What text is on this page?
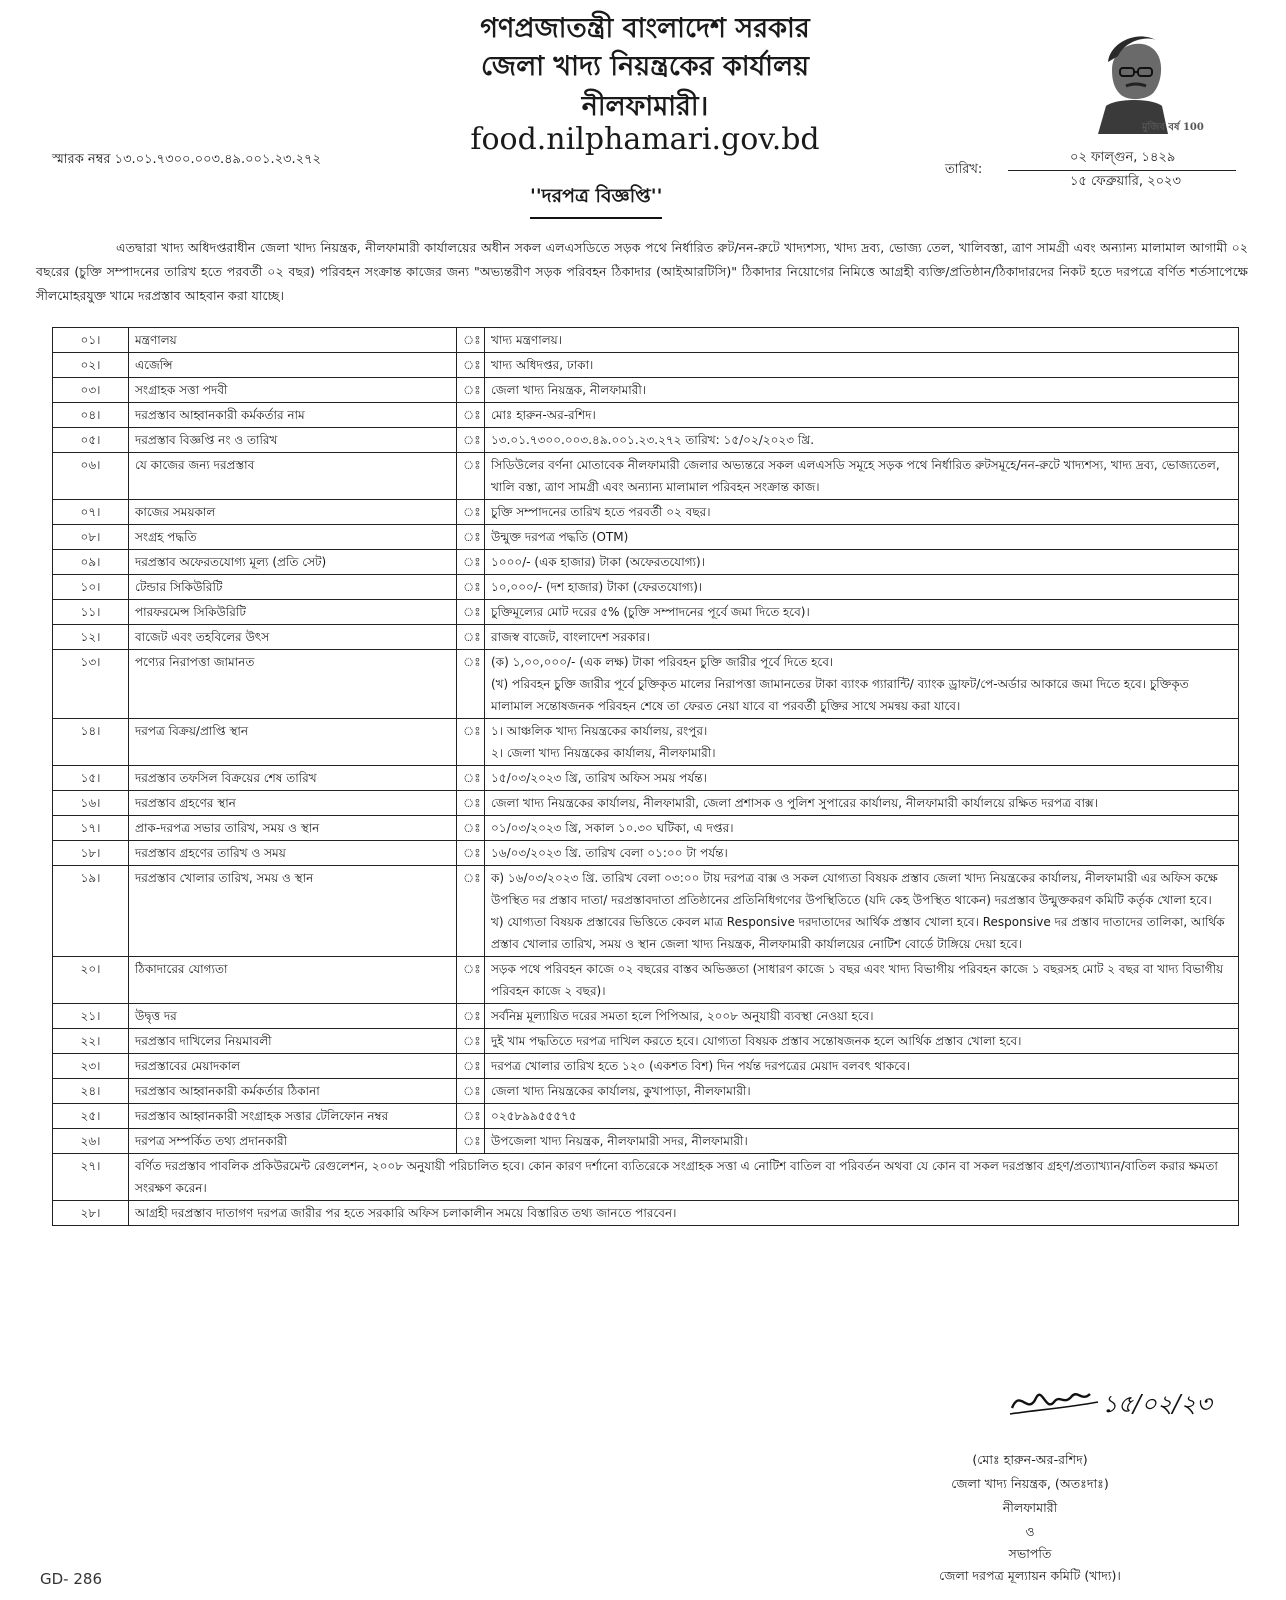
গণপ্রজাতন্ত্রী বাংলাদেশ সরকার
জেলা খাদ্য নিয়ন্ত্রকের কার্যালয়
নীলফামারী।
food.nilphamari.gov.bd	মুজিব বর্ষ 100
স্মারক নম্বর ১৩.০১.৭৩০০.০০৩.৪৯.০০১.২৩.২৭২
তারিখ:
০২ ফাল্গুন, ১৪২৯
১৫ ফেব্রুয়ারি, ২০২৩
''দরপত্র বিজ্ঞপ্তি''

এতদ্বারা খাদ্য অধিদপ্তরাধীন জেলা খাদ্য নিয়ন্ত্রক, নীলফামারী কার্যালয়ের অধীন সকল এলএসডিতে সড়ক পথে নির্ধারিত রুট/নন-রুটে খাদ্যশস্য, খাদ্য দ্রব্য, ভোজ্য তেল, খালিবস্তা, ত্রাণ সামগ্রী এবং অন্যান্য মালামাল আগামী ০২ বছরের (চুক্তি সম্পাদনের তারিখ হতে পরবর্তী ০২ বছর) পরিবহন সংক্রান্ত কাজের জন্য "অভ্যন্তরীণ সড়ক পরিবহন ঠিকাদার (আইআরটিসি)" ঠিকাদার নিয়োগের নিমিত্তে আগ্রহী ব্যক্তি/প্রতিষ্ঠান/ঠিকাদারদের নিকট হতে দরপত্রে বর্ণিত শর্তসাপেক্ষে সীলমোহরযুক্ত খামে দরপ্রস্তাব আহবান করা যাচ্ছে।

০১।	মন্ত্রণালয়	ঃ	খাদ্য মন্ত্রণালয়।
০২।	এজেন্সি	ঃ	খাদ্য অধিদপ্তর, ঢাকা।
০৩।	সংগ্রাহক সত্তা পদবী	ঃ	জেলা খাদ্য নিয়ন্ত্রক, নীলফামারী।
০৪।	দরপ্রস্তাব আহ্বানকারী কর্মকর্তার নাম	ঃ	মোঃ হারুন-অর-রশিদ।
০৫।	দরপ্রস্তাব বিজ্ঞপ্তি নং ও তারিখ	ঃ	১৩.০১.৭৩০০.০০৩.৪৯.০০১.২৩.২৭২ তারিখ: ১৫/০২/২০২৩ খ্রি.
০৬।	যে কাজের জন্য দরপ্রস্তাব	ঃ	সিডিউলের বর্ণনা মোতাবেক নীলফামারী জেলার অভ্যন্তরে সকল এলএসডি সমূহে সড়ক পথে নির্ধারিত রুটসমূহে/নন-রুটে খাদ্যশস্য, খাদ্য দ্রব্য, ভোজ্যতেল, খালি বস্তা, ত্রাণ সামগ্রী এবং অন্যান্য মালামাল পরিবহন সংক্রান্ত কাজ।
০৭।	কাজের সময়কাল	ঃ	চুক্তি সম্পাদনের তারিখ হতে পরবর্তী ০২ বছর।
০৮।	সংগ্রহ পদ্ধতি	ঃ	উন্মুক্ত দরপত্র পদ্ধতি (OTM)
০৯।	দরপ্রস্তাব অফেরতযোগ্য মূল্য (প্রতি সেট)	ঃ	১০০০/- (এক হাজার) টাকা (অফেরতযোগ্য)।
১০।	টেন্ডার সিকিউরিটি	ঃ	১০,০০০/- (দশ হাজার) টাকা (ফেরতযোগ্য)।
১১।	পারফরমেন্স সিকিউরিটি	ঃ	চুক্তিমূল্যের মোট দরের ৫% (চুক্তি সম্পাদনের পূর্বে জমা দিতে হবে)।
১২।	বাজেট এবং তহবিলের উৎস	ঃ	রাজস্ব বাজেট, বাংলাদেশ সরকার।
১৩।	পণ্যের নিরাপত্তা জামানত	ঃ	(ক) ১,০০,০০০/- (এক লক্ষ) টাকা পরিবহন চুক্তি জারীর পূর্বে দিতে হবে।
(খ) পরিবহন চুক্তি জারীর পূর্বে চুক্তিকৃত মালের নিরাপত্তা জামানতের টাকা ব্যাংক গ্যারান্টি/ ব্যাংক ড্রাফট/পে-অর্ডার আকারে জমা দিতে হবে। চুক্তিকৃত মালামাল সন্তোষজনক পরিবহন শেষে তা ফেরত নেয়া যাবে বা পরবর্তী চুক্তির সাথে সমন্বয় করা যাবে।
১৪।	দরপত্র বিক্রয়/প্রাপ্তি স্থান	ঃ	১। আঞ্চলিক খাদ্য নিয়ন্ত্রকের কার্যালয়, রংপুর।
২। জেলা খাদ্য নিয়ন্ত্রকের কার্যালয়, নীলফামারী।
১৫।	দরপ্রস্তাব তফসিল বিক্রয়ের শেষ তারিখ	ঃ	১৫/০৩/২০২৩ খ্রি, তারিখ অফিস সময় পর্যন্ত।
১৬।	দরপ্রস্তাব গ্রহণের স্থান	ঃ	জেলা খাদ্য নিয়ন্ত্রকের কার্যালয়, নীলফামারী, জেলা প্রশাসক ও পুলিশ সুপারের কার্যালয়, নীলফামারী কার্যালয়ে রক্ষিত দরপত্র বাক্স।
১৭।	প্রাক-দরপত্র সভার তারিখ, সময় ও স্থান	ঃ	০১/০৩/২০২৩ খ্রি, সকাল ১০.৩০ ঘটিকা, এ দপ্তর।
১৮।	দরপ্রস্তাব গ্রহণের তারিখ ও সময়	ঃ	১৬/০৩/২০২৩ খ্রি. তারিখ বেলা ০১:০০ টা পর্যন্ত।
১৯।	দরপ্রস্তাব খোলার তারিখ, সময় ও স্থান	ঃ	ক) ১৬/০৩/২০২৩ খ্রি. তারিখ বেলা ০৩:০০ টায় দরপত্র বাক্স ও সকল যোগ্যতা বিষয়ক প্রস্তাব জেলা খাদ্য নিয়ন্ত্রকের কার্যালয়, নীলফামারী এর অফিস কক্ষে উপস্থিত দর প্রস্তাব দাতা/ দরপ্রস্তাবদাতা প্রতিষ্ঠানের প্রতিনিধিগণের উপস্থিতিতে (যদি কেহ উপস্থিত থাকেন) দরপ্রস্তাব উন্মুক্তকরণ কমিটি কর্তৃক খোলা হবে।
খ) যোগ্যতা বিষয়ক প্রস্তাবের ভিত্তিতে কেবল মাত্র Responsive দরদাতাদের আর্থিক প্রস্তাব খোলা হবে। Responsive দর প্রস্তাব দাতাদের তালিকা, আর্থিক প্রস্তাব খোলার তারিখ, সময় ও স্থান জেলা খাদ্য নিয়ন্ত্রক, নীলফামারী কার্যালয়ের নোটিশ বোর্ডে টাঙ্গিয়ে দেয়া হবে।
২০।	ঠিকাদারের যোগ্যতা	ঃ	সড়ক পথে পরিবহন কাজে ০২ বছরের বাস্তব অভিজ্ঞতা (সাধারণ কাজে ১ বছর এবং খাদ্য বিভাগীয় পরিবহন কাজে ১ বছরসহ মোট ২ বছর বা খাদ্য বিভাগীয় পরিবহন কাজে ২ বছর)।
২১।	উদ্বৃত্ত দর	ঃ	সর্বনিম্ন মূল্যায়িত দরের সমতা হলে পিপিআর, ২০০৮ অনুযায়ী ব্যবস্থা নেওয়া হবে।
২২।	দরপ্রস্তাব দাখিলের নিয়মাবলী	ঃ	দুই খাম পদ্ধতিতে দরপত্র দাখিল করতে হবে। যোগ্যতা বিষয়ক প্রস্তাব সন্তোষজনক হলে আর্থিক প্রস্তাব খোলা হবে।
২৩।	দরপ্রস্তাবের মেয়াদকাল	ঃ	দরপত্র খোলার তারিখ হতে ১২০ (একশত বিশ) দিন পর্যন্ত দরপত্রের মেয়াদ বলবৎ থাকবে।
২৪।	দরপ্রস্তাব আহ্বানকারী কর্মকর্তার ঠিকানা	ঃ	জেলা খাদ্য নিয়ন্ত্রকের কার্যালয়, কুখাপাড়া, নীলফামারী।
২৫।	দরপ্রস্তাব আহ্বানকারী সংগ্রাহক সত্তার টেলিফোন নম্বর	ঃ	০২৫৮৯৯৫৫৫৭৫
২৬।	দরপত্র সম্পর্কিত তথ্য প্রদানকারী	ঃ	উপজেলা খাদ্য নিয়ন্ত্রক, নীলফামারী সদর, নীলফামারী।
২৭।	বর্ণিত দরপ্রস্তাব পাবলিক প্রকিউরমেন্ট রেগুলেশন, ২০০৮ অনুযায়ী পরিচালিত হবে। কোন কারণ দর্শানো ব্যতিরেকে সংগ্রাহক সত্তা এ নোটিশ বাতিল বা পরিবর্তন অথবা যে কোন বা সকল দরপ্রস্তাব গ্রহণ/প্রত্যাখ্যান/বাতিল করার ক্ষমতা সংরক্ষণ করেন।		
২৮।	আগ্রহী দরপ্রস্তাব দাতাগণ দরপত্র জারীর পর হতে সরকারি অফিস চলাকালীন সময়ে বিস্তারিত তথ্য জানতে পারবেন।		
১৫/০২/২৩
(মোঃ হারুন-অর-রশিদ)
জেলা খাদ্য নিয়ন্ত্রক, (অতঃদাঃ)
নীলফামারী
ও
সভাপতি
জেলা দরপত্র মূল্যায়ন কমিটি (খাদ্য)।
GD- 286
